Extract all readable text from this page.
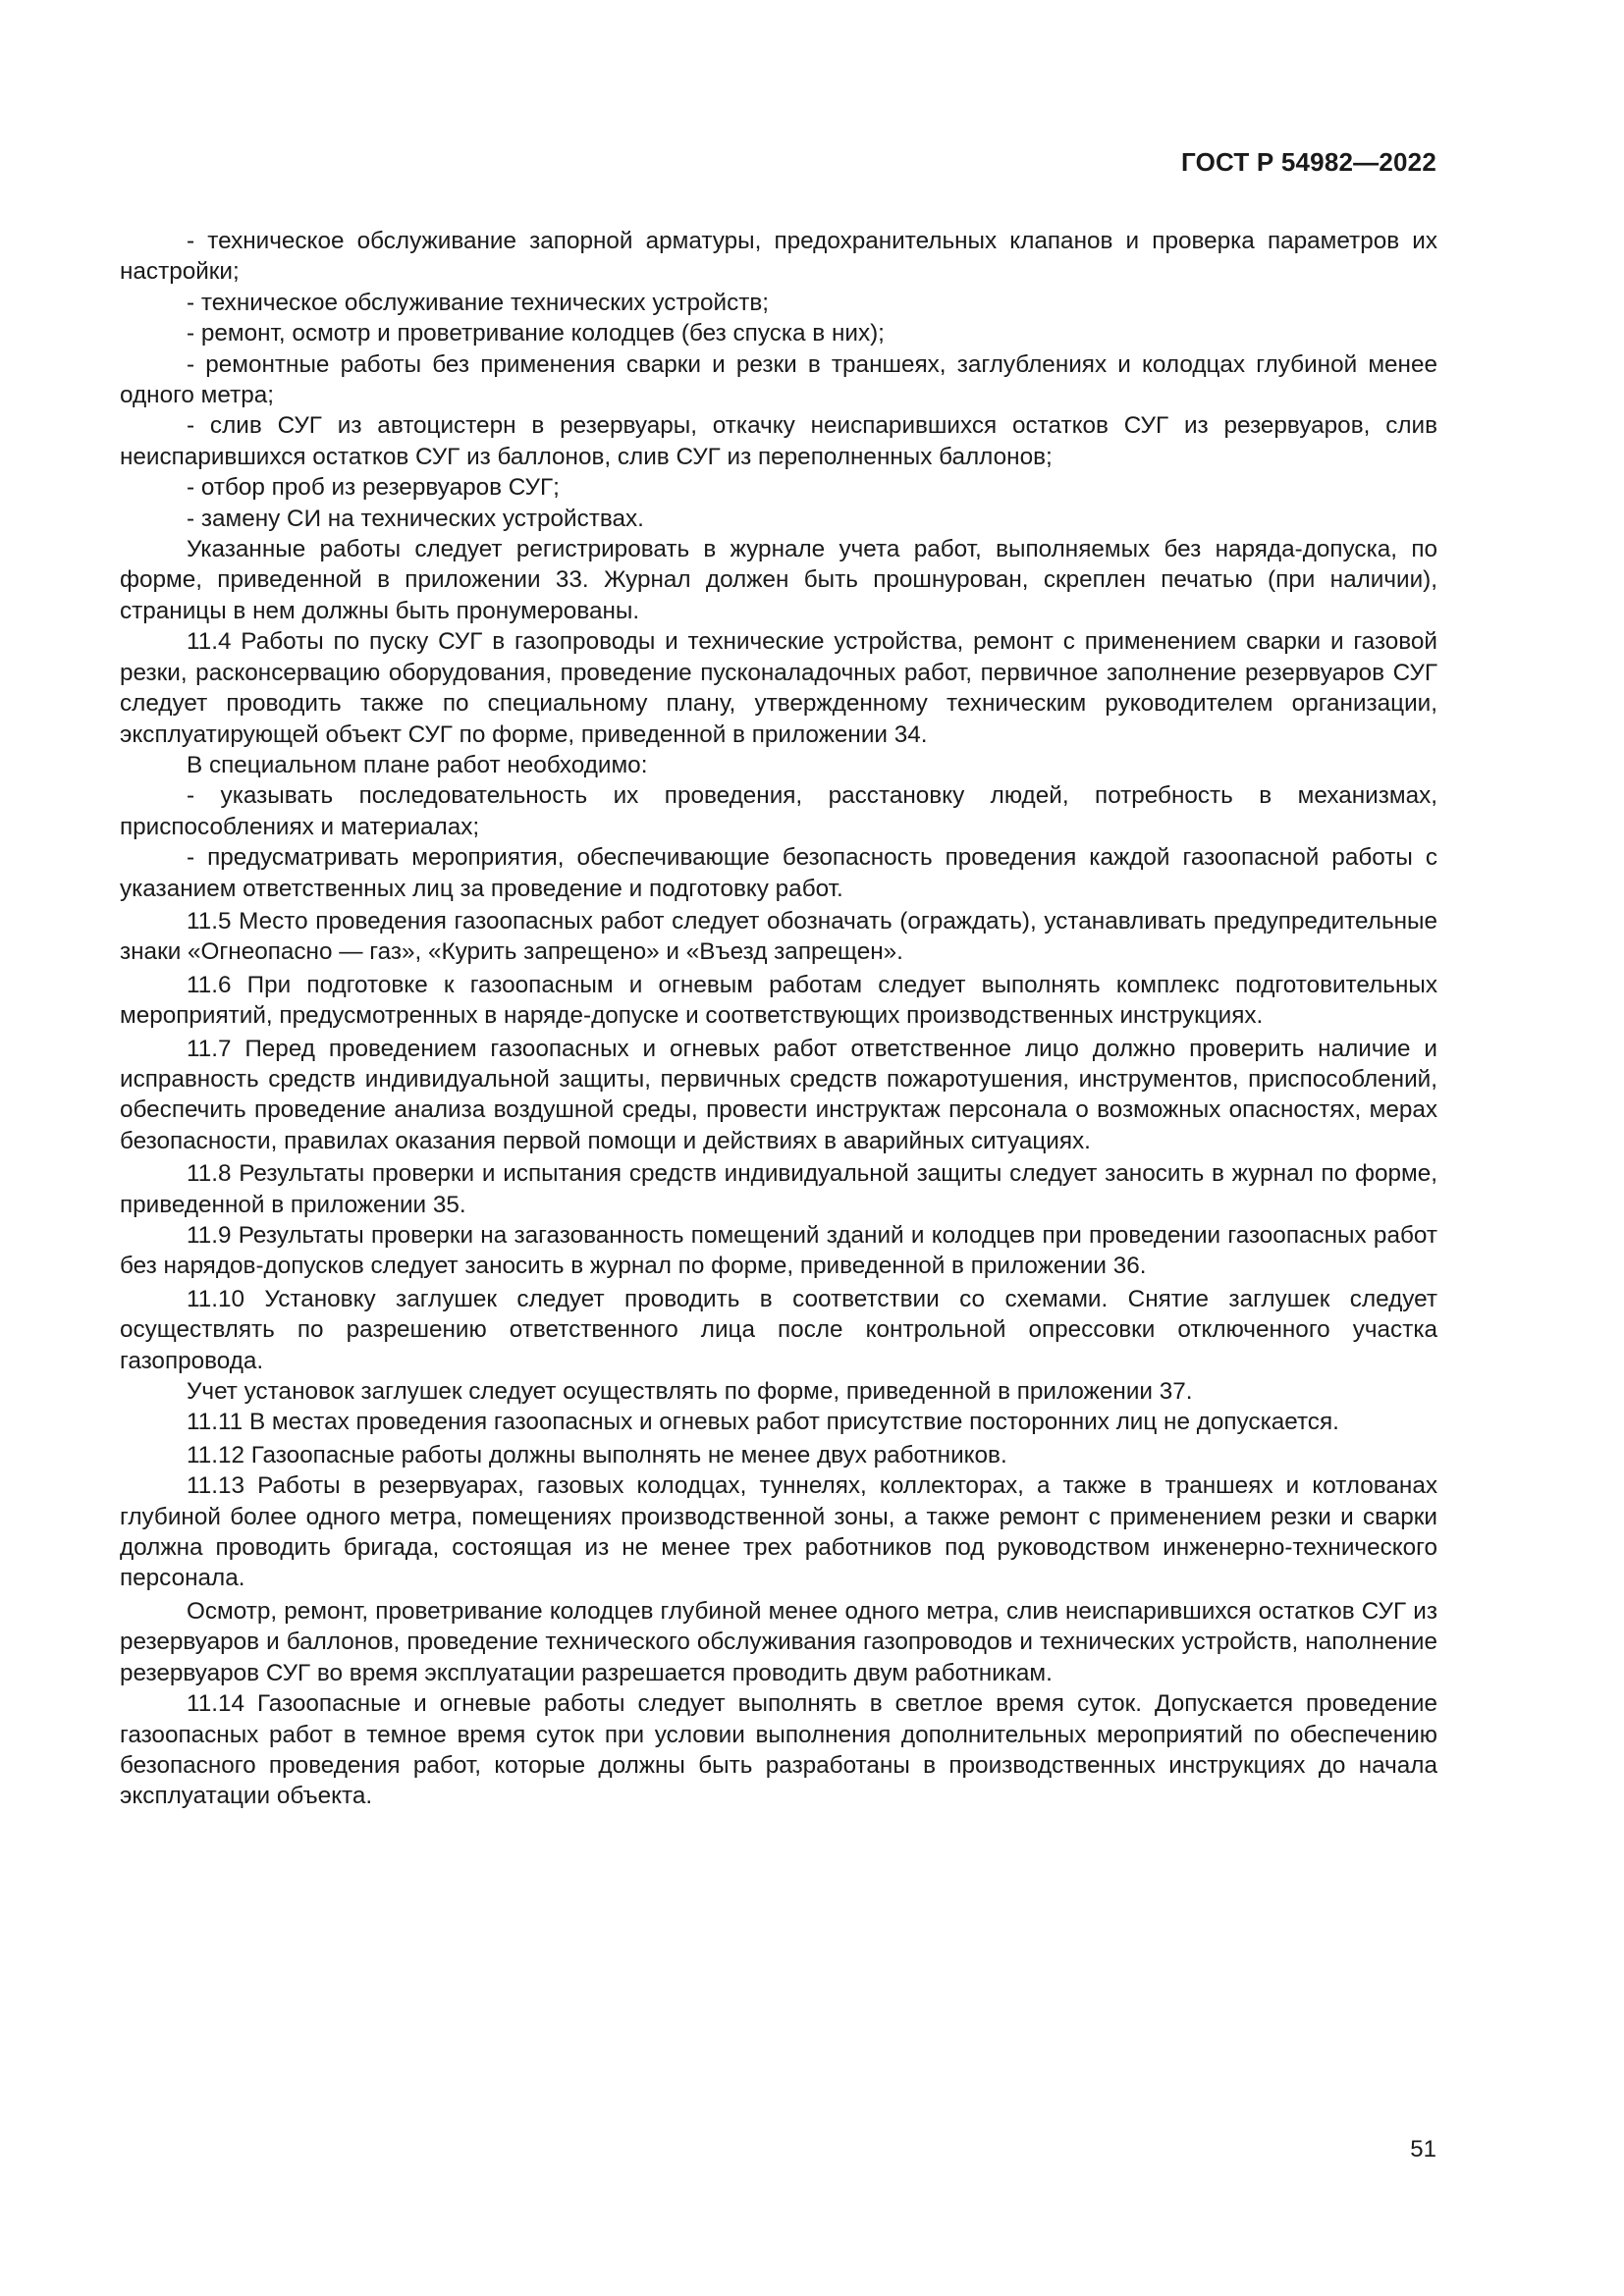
ГОСТ Р 54982—2022

- техническое обслуживание запорной арматуры, предохранительных клапанов и проверка параметров их настройки;

- техническое обслуживание технических устройств;

- ремонт, осмотр и проветривание колодцев (без спуска в них);

- ремонтные работы без применения сварки и резки в траншеях, заглублениях и колодцах глубиной менее одного метра;

- слив СУГ из автоцистерн в резервуары, откачку неиспарившихся остатков СУГ из резервуаров, слив неиспарившихся остатков СУГ из баллонов, слив СУГ из переполненных баллонов;

- отбор проб из резервуаров СУГ;

- замену СИ на технических устройствах.

Указанные работы следует регистрировать в журнале учета работ, выполняемых без наряда-допуска, по форме, приведенной в приложении 33. Журнал должен быть прошнурован, скреплен печатью (при наличии), страницы в нем должны быть пронумерованы.

11.4 Работы по пуску СУГ в газопроводы и технические устройства, ремонт с применением сварки и газовой резки, расконсервацию оборудования, проведение пусконаладочных работ, первичное заполнение резервуаров СУГ следует проводить также по специальному плану, утвержденному техническим руководителем организации, эксплуатирующей объект СУГ по форме, приведенной в приложении 34.

В специальном плане работ необходимо:

- указывать последовательность их проведения, расстановку людей, потребность в механизмах, приспособлениях и материалах;

- предусматривать мероприятия, обеспечивающие безопасность проведения каждой газоопасной работы с указанием ответственных лиц за проведение и подготовку работ.

11.5 Место проведения газоопасных работ следует обозначать (ограждать), устанавливать предупредительные знаки «Огнеопасно — газ», «Курить запрещено» и «Въезд запрещен».

11.6 При подготовке к газоопасным и огневым работам следует выполнять комплекс подготовительных мероприятий, предусмотренных в наряде-допуске и соответствующих производственных инструкциях.

11.7 Перед проведением газоопасных и огневых работ ответственное лицо должно проверить наличие и исправность средств индивидуальной защиты, первичных средств пожаротушения, инструментов, приспособлений, обеспечить проведение анализа воздушной среды, провести инструктаж персонала о возможных опасностях, мерах безопасности, правилах оказания первой помощи и действиях в аварийных ситуациях.

11.8 Результаты проверки и испытания средств индивидуальной защиты следует заносить в журнал по форме, приведенной в приложении 35.

11.9 Результаты проверки на загазованность помещений зданий и колодцев при проведении газоопасных работ без нарядов-допусков следует заносить в журнал по форме, приведенной в приложении 36.

11.10 Установку заглушек следует проводить в соответствии со схемами. Снятие заглушек следует осуществлять по разрешению ответственного лица после контрольной опрессовки отключенного участка газопровода.

Учет установок заглушек следует осуществлять по форме, приведенной в приложении 37.

11.11 В местах проведения газоопасных и огневых работ присутствие посторонних лиц не допускается.

11.12 Газоопасные работы должны выполнять не менее двух работников.

11.13 Работы в резервуарах, газовых колодцах, туннелях, коллекторах, а также в траншеях и котлованах глубиной более одного метра, помещениях производственной зоны, а также ремонт с применением резки и сварки должна проводить бригада, состоящая из не менее трех работников под руководством инженерно-технического персонала.

Осмотр, ремонт, проветривание колодцев глубиной менее одного метра, слив неиспарившихся остатков СУГ из резервуаров и баллонов, проведение технического обслуживания газопроводов и технических устройств, наполнение резервуаров СУГ во время эксплуатации разрешается проводить двум работникам.

11.14 Газоопасные и огневые работы следует выполнять в светлое время суток. Допускается проведение газоопасных работ в темное время суток при условии выполнения дополнительных мероприятий по обеспечению безопасного проведения работ, которые должны быть разработаны в производственных инструкциях до начала эксплуатации объекта.

51
